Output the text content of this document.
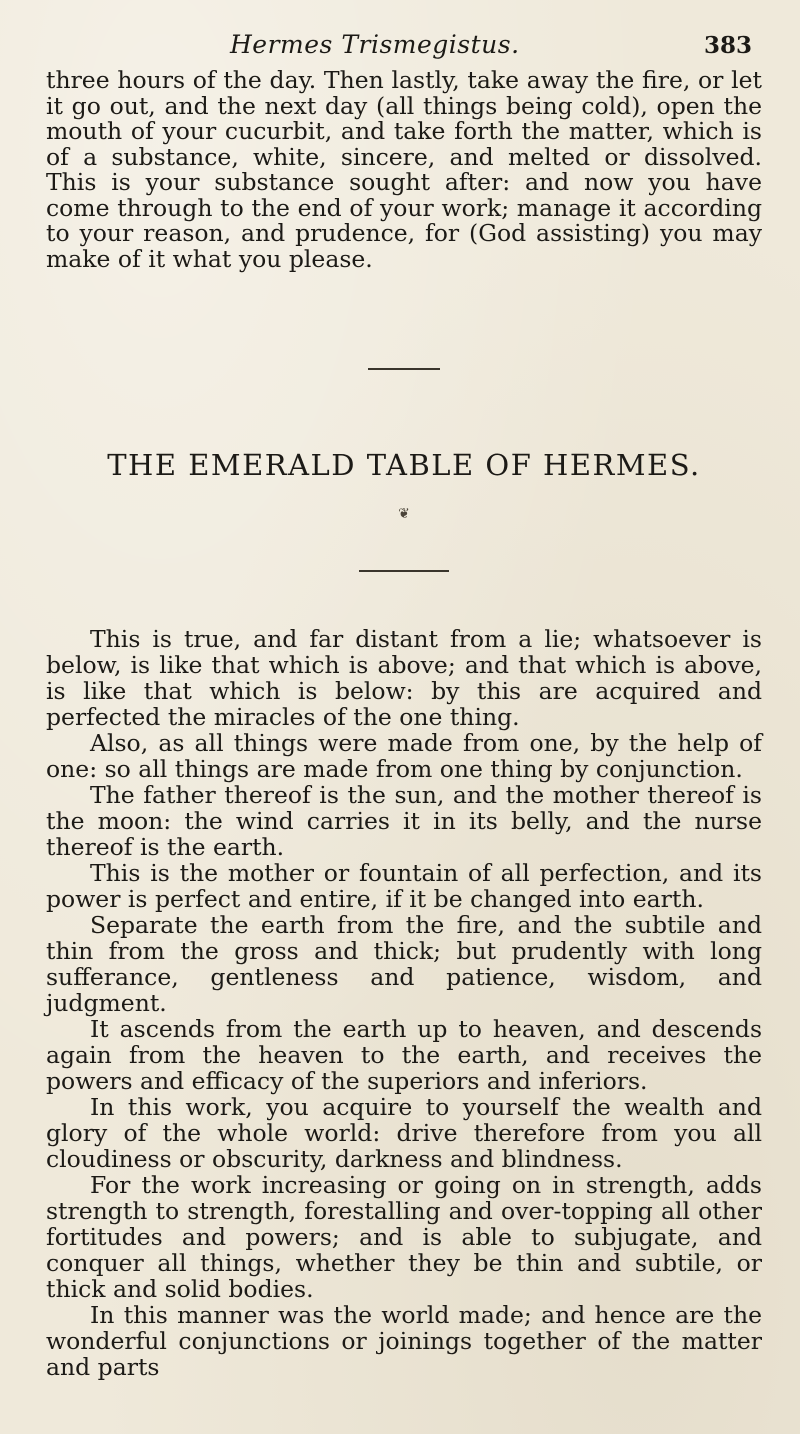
Hermes Trismegistus.	383

three hours of the day. Then lastly, take away the fire, or let it go out, and the next day (all things being cold), open the mouth of your cucurbit, and take forth the matter, which is of a substance, white, sincere, and melted or dissolved. This is your substance sought after: and now you have come through to the end of your work; manage it according to your reason, and prudence, for (God assisting) you may make of it what you please.

THE EMERALD TABLE OF HERMES.
❦

This is true, and far distant from a lie; whatsoever is below, is like that which is above; and that which is above, is like that which is below: by this are acquired and perfected the miracles of the one thing.

Also, as all things were made from one, by the help of one: so all things are made from one thing by conjunction.

The father thereof is the sun, and the mother thereof is the moon: the wind carries it in its belly, and the nurse thereof is the earth.

This is the mother or fountain of all perfection, and its power is perfect and entire, if it be changed into earth.

Separate the earth from the fire, and the subtile and thin from the gross and thick; but prudently with long sufferance, gentleness and patience, wisdom, and judgment.

It ascends from the earth up to heaven, and descends again from the heaven to the earth, and receives the powers and efficacy of the superiors and inferiors.

In this work, you acquire to yourself the wealth and glory of the whole world: drive therefore from you all cloudiness or obscurity, darkness and blindness.

For the work increasing or going on in strength, adds strength to strength, forestalling and over-topping all other fortitudes and powers; and is able to subjugate, and conquer all things, whether they be thin and subtile, or thick and solid bodies.

In this manner was the world made; and hence are the wonderful conjunctions or joinings together of the matter and parts
